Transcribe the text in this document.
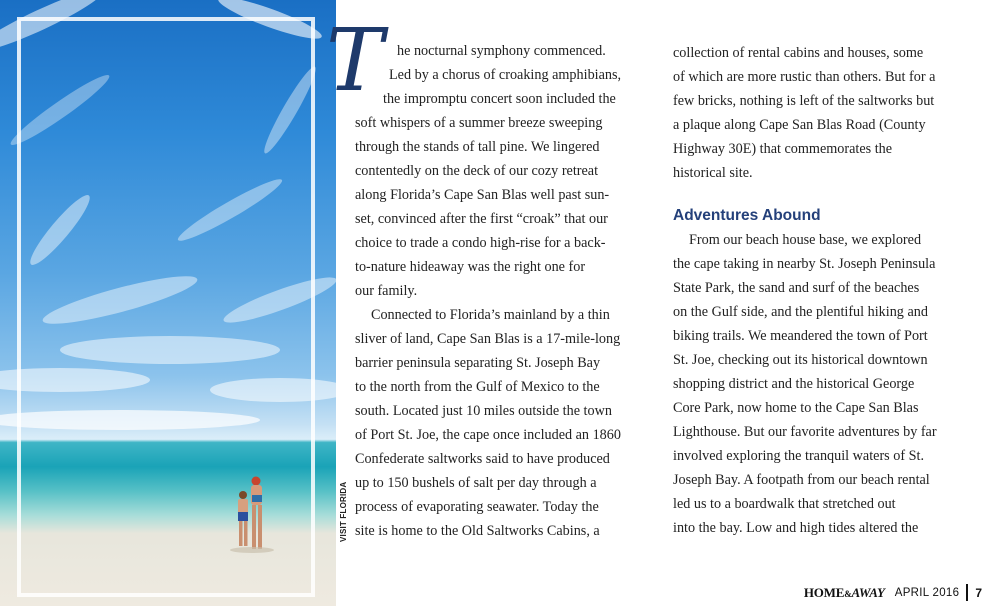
VISIT FLORIDA
T he nocturnal symphony commenced.
Led by a chorus of croaking amphibians,
the impromptu concert soon included the
soft whispers of a summer breeze sweeping
through the stands of tall pine. We lingered
contentedly on the deck of our cozy retreat
along Florida’s Cape San Blas well past sun-
set, convinced after the first “croak” that our
choice to trade a condo high-rise for a back-
to-nature hideaway was the right one for
our family.
Connected to Florida’s mainland by a thin
sliver of land, Cape San Blas is a 17-mile-long
barrier peninsula separating St. Joseph Bay
to the north from the Gulf of Mexico to the
south. Located just 10 miles outside the town
of Port St. Joe, the cape once included an 1860
Confederate saltworks said to have produced
up to 150 bushels of salt per day through a
process of evaporating seawater. Today the
site is home to the Old Saltworks Cabins, a
collection of rental cabins and houses, some
of which are more rustic than others. But for a
few bricks, nothing is left of the saltworks but
a plaque along Cape San Blas Road (County
Highway 30E) that commemorates the
historical site.
Adventures Abound
From our beach house base, we explored
the cape taking in nearby St. Joseph Peninsula
State Park, the sand and surf of the beaches
on the Gulf side, and the plentiful hiking and
biking trails. We meandered the town of Port
St. Joe, checking out its historical downtown
shopping district and the historical George
Core Park, now home to the Cape San Blas
Lighthouse. But our favorite adventures by far
involved exploring the tranquil waters of St.
Joseph Bay. A footpath from our beach rental
led us to a boardwalk that stretched out
into the bay. Low and high tides altered the
HOME&AWAY APRIL 2016 7
